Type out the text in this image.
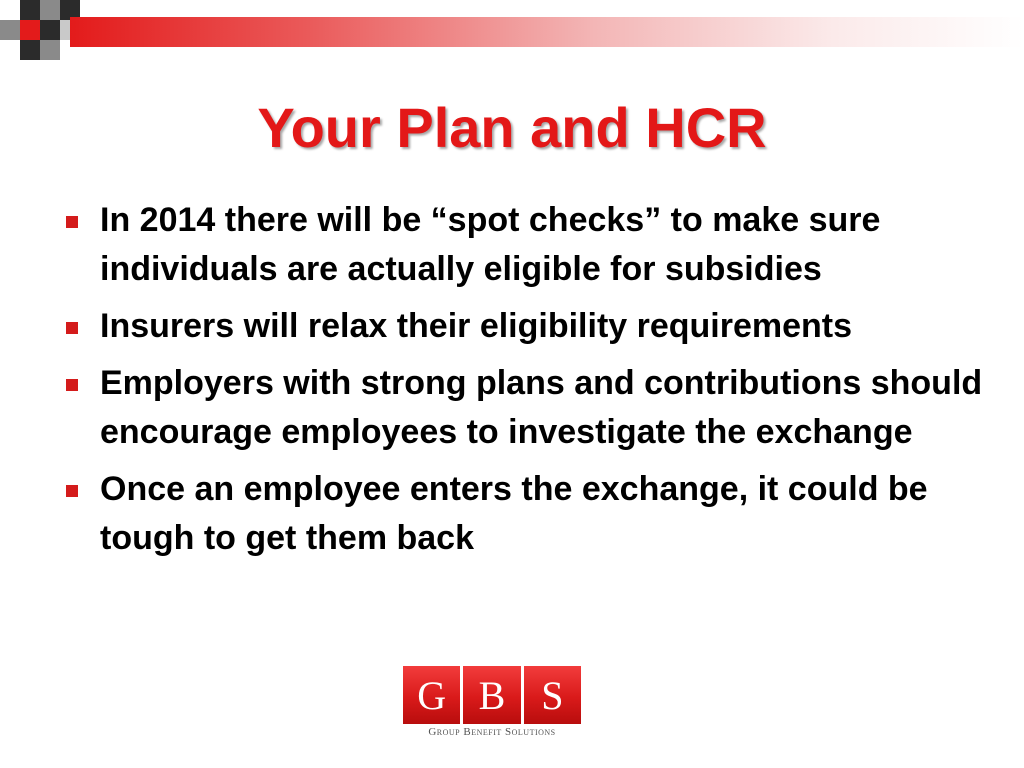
Your Plan and HCR
In 2014 there will be “spot checks” to make sure individuals are actually eligible for subsidies
Insurers will relax their eligibility requirements
Employers with strong plans and contributions should encourage employees to investigate the exchange
Once an employee enters the exchange, it could be tough to get them back
G B S
Group Benefit Solutions
